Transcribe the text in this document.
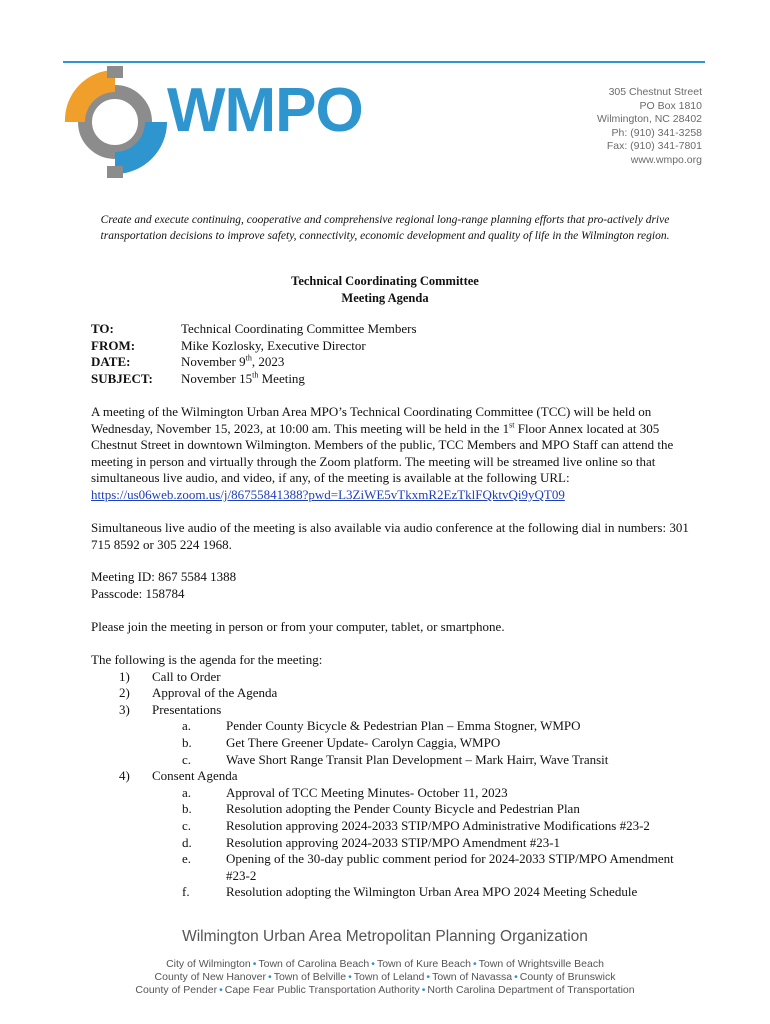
WMPO	305 Chestnut Street
PO Box 1810
Wilmington, NC 28402
Ph: (910) 341-3258
Fax: (910) 341-7801
www.wmpo.org
Create and execute continuing, cooperative and comprehensive regional long-range planning efforts that pro-actively drive transportation decisions to improve safety, connectivity, economic development and quality of life in the Wilmington region.
Technical Coordinating Committee
Meeting Agenda
TO:	Technical Coordinating Committee Members
FROM:	Mike Kozlosky, Executive Director
DATE:	November 9th, 2023
SUBJECT:	November 15th Meeting
A meeting of the Wilmington Urban Area MPO’s Technical Coordinating Committee (TCC) will be held on Wednesday, November 15, 2023, at 10:00 am. This meeting will be held in the 1st Floor Annex located at 305 Chestnut Street in downtown Wilmington. Members of the public, TCC Members and MPO Staff can attend the meeting in person and virtually through the Zoom platform. The meeting will be streamed live online so that simultaneous live audio, and video, if any, of the meeting is available at the following URL: https://us06web.zoom.us/j/86755841388?pwd=L3ZiWE5vTkxmR2EzTklFQktvQi9yQT09
Simultaneous live audio of the meeting is also available via audio conference at the following dial in numbers: 301 715 8592 or 305 224 1968.
Meeting ID: 867 5584 1388
Passcode: 158784
Please join the meeting in person or from your computer, tablet, or smartphone.
The following is the agenda for the meeting:
1)	Call to Order
2)	Approval of the Agenda
3)	Presentations
a.	Pender County Bicycle & Pedestrian Plan – Emma Stogner, WMPO
b.	Get There Greener Update- Carolyn Caggia, WMPO
c.	Wave Short Range Transit Plan Development – Mark Hairr, Wave Transit
4)	Consent Agenda
a.	Approval of TCC Meeting Minutes- October 11, 2023
b.	Resolution adopting the Pender County Bicycle and Pedestrian Plan
c.	Resolution approving 2024-2033 STIP/MPO Administrative Modifications #23-2
d.	Resolution approving 2024-2033 STIP/MPO Amendment #23-1
e.	Opening of the 30-day public comment period for 2024-2033 STIP/MPO Amendment #23-2
f.	Resolution adopting the Wilmington Urban Area MPO 2024 Meeting Schedule
Wilmington Urban Area Metropolitan Planning Organization
City of Wilmington • Town of Carolina Beach • Town of Kure Beach • Town of Wrightsville Beach
County of New Hanover • Town of Belville • Town of Leland • Town of Navassa • County of Brunswick
County of Pender • Cape Fear Public Transportation Authority • North Carolina Department of Transportation
